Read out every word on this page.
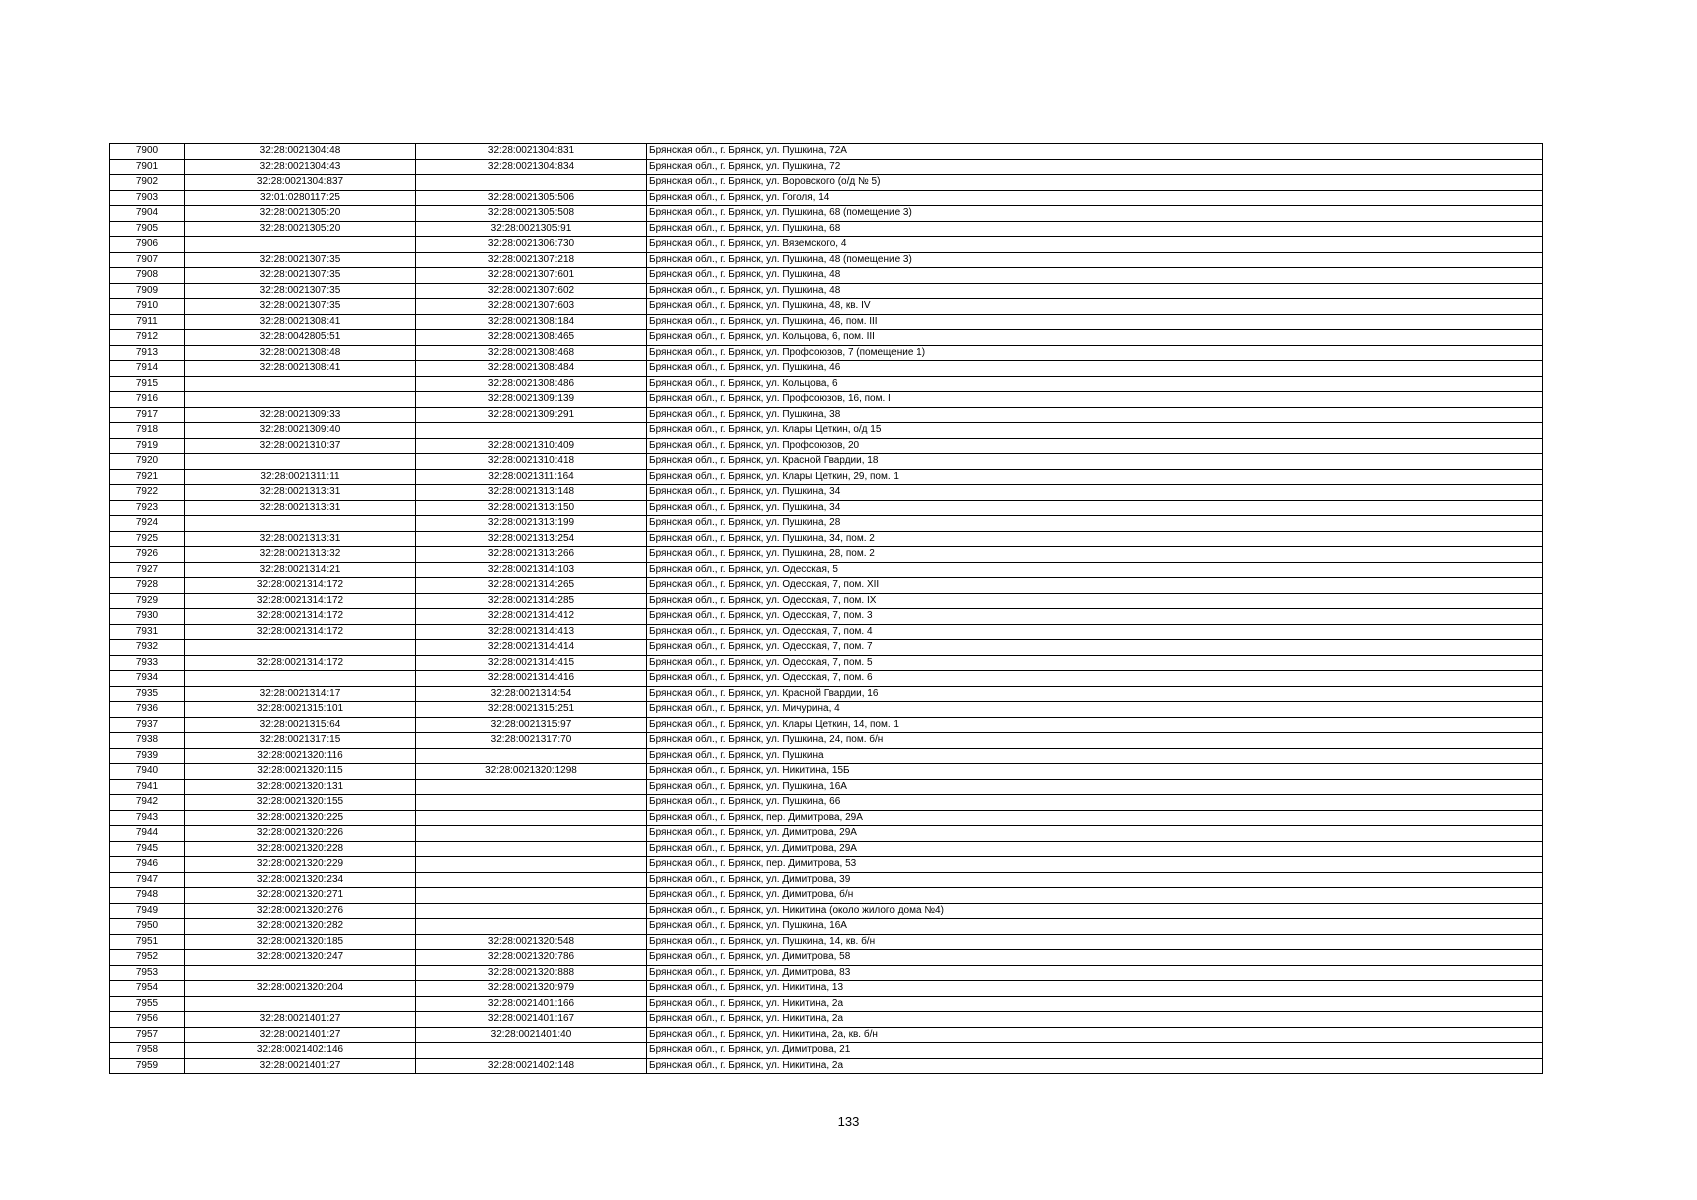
7900	32:28:0021304:48	32:28:0021304:831	Брянская обл., г. Брянск, ул. Пушкина, 72А
7901	32:28:0021304:43	32:28:0021304:834	Брянская обл., г. Брянск, ул. Пушкина, 72
7902	32:28:0021304:837		Брянская обл., г. Брянск, ул. Воровского (о/д № 5)
7903	32:01:0280117:25	32:28:0021305:506	Брянская обл., г. Брянск, ул. Гоголя, 14
7904	32:28:0021305:20	32:28:0021305:508	Брянская обл., г. Брянск, ул. Пушкина, 68 (помещение 3)
7905	32:28:0021305:20	32:28:0021305:91	Брянская обл., г. Брянск, ул. Пушкина, 68
7906		32:28:0021306:730	Брянская обл., г. Брянск, ул. Вяземского, 4
7907	32:28:0021307:35	32:28:0021307:218	Брянская обл., г. Брянск, ул. Пушкина, 48 (помещение 3)
7908	32:28:0021307:35	32:28:0021307:601	Брянская обл., г. Брянск, ул. Пушкина, 48
7909	32:28:0021307:35	32:28:0021307:602	Брянская обл., г. Брянск, ул. Пушкина, 48
7910	32:28:0021307:35	32:28:0021307:603	Брянская обл., г. Брянск, ул. Пушкина, 48, кв. IV
7911	32:28:0021308:41	32:28:0021308:184	Брянская обл., г. Брянск, ул. Пушкина, 46, пом. III
7912	32:28:0042805:51	32:28:0021308:465	Брянская обл., г. Брянск, ул. Кольцова, 6, пом. III
7913	32:28:0021308:48	32:28:0021308:468	Брянская обл., г. Брянск, ул. Профсоюзов, 7 (помещение 1)
7914	32:28:0021308:41	32:28:0021308:484	Брянская обл., г. Брянск, ул. Пушкина, 46
7915		32:28:0021308:486	Брянская обл., г. Брянск, ул. Кольцова, 6
7916		32:28:0021309:139	Брянская обл., г. Брянск, ул. Профсоюзов, 16, пом. I
7917	32:28:0021309:33	32:28:0021309:291	Брянская обл., г. Брянск, ул. Пушкина, 38
7918	32:28:0021309:40		Брянская обл., г. Брянск, ул. Клары Цеткин, о/д 15
7919	32:28:0021310:37	32:28:0021310:409	Брянская обл., г. Брянск, ул. Профсоюзов, 20
7920		32:28:0021310:418	Брянская обл., г. Брянск, ул. Красной Гвардии, 18
7921	32:28:0021311:11	32:28:0021311:164	Брянская обл., г. Брянск, ул. Клары Цеткин, 29, пом. 1
7922	32:28:0021313:31	32:28:0021313:148	Брянская обл., г. Брянск, ул. Пушкина, 34
7923	32:28:0021313:31	32:28:0021313:150	Брянская обл., г. Брянск, ул. Пушкина, 34
7924		32:28:0021313:199	Брянская обл., г. Брянск, ул. Пушкина, 28
7925	32:28:0021313:31	32:28:0021313:254	Брянская обл., г. Брянск, ул. Пушкина, 34, пом. 2
7926	32:28:0021313:32	32:28:0021313:266	Брянская обл., г. Брянск, ул. Пушкина, 28, пом. 2
7927	32:28:0021314:21	32:28:0021314:103	Брянская обл., г. Брянск, ул. Одесская, 5
7928	32:28:0021314:172	32:28:0021314:265	Брянская обл., г. Брянск, ул. Одесская, 7, пом. XII
7929	32:28:0021314:172	32:28:0021314:285	Брянская обл., г. Брянск, ул. Одесская, 7, пом. IX
7930	32:28:0021314:172	32:28:0021314:412	Брянская обл., г. Брянск, ул. Одесская, 7, пом. 3
7931	32:28:0021314:172	32:28:0021314:413	Брянская обл., г. Брянск, ул. Одесская, 7, пом. 4
7932		32:28:0021314:414	Брянская обл., г. Брянск, ул. Одесская, 7, пом. 7
7933	32:28:0021314:172	32:28:0021314:415	Брянская обл., г. Брянск, ул. Одесская, 7, пом. 5
7934		32:28:0021314:416	Брянская обл., г. Брянск, ул. Одесская, 7, пом. 6
7935	32:28:0021314:17	32:28:0021314:54	Брянская обл., г. Брянск, ул. Красной Гвардии, 16
7936	32:28:0021315:101	32:28:0021315:251	Брянская обл., г. Брянск, ул. Мичурина, 4
7937	32:28:0021315:64	32:28:0021315:97	Брянская обл., г. Брянск, ул. Клары Цеткин, 14, пом. 1
7938	32:28:0021317:15	32:28:0021317:70	Брянская обл., г. Брянск, ул. Пушкина, 24, пом. б/н
7939	32:28:0021320:116		Брянская обл., г. Брянск, ул. Пушкина
7940	32:28:0021320:115	32:28:0021320:1298	Брянская обл., г. Брянск, ул. Никитина, 15Б
7941	32:28:0021320:131		Брянская обл., г. Брянск, ул. Пушкина, 16А
7942	32:28:0021320:155		Брянская обл., г. Брянск, ул. Пушкина, 66
7943	32:28:0021320:225		Брянская обл., г. Брянск, пер. Димитрова, 29А
7944	32:28:0021320:226		Брянская обл., г. Брянск, ул. Димитрова, 29А
7945	32:28:0021320:228		Брянская обл., г. Брянск, ул. Димитрова, 29А
7946	32:28:0021320:229		Брянская обл., г. Брянск, пер. Димитрова, 53
7947	32:28:0021320:234		Брянская обл., г. Брянск, ул. Димитрова, 39
7948	32:28:0021320:271		Брянская обл., г. Брянск, ул. Димитрова, б/н
7949	32:28:0021320:276		Брянская обл., г. Брянск, ул. Никитина (около жилого дома №4)
7950	32:28:0021320:282		Брянская обл., г. Брянск, ул. Пушкина, 16А
7951	32:28:0021320:185	32:28:0021320:548	Брянская обл., г. Брянск, ул. Пушкина, 14, кв. б/н
7952	32:28:0021320:247	32:28:0021320:786	Брянская обл., г. Брянск, ул. Димитрова, 58
7953		32:28:0021320:888	Брянская обл., г. Брянск, ул. Димитрова, 83
7954	32:28:0021320:204	32:28:0021320:979	Брянская обл., г. Брянск, ул. Никитина, 13
7955		32:28:0021401:166	Брянская обл., г. Брянск, ул. Никитина, 2а
7956	32:28:0021401:27	32:28:0021401:167	Брянская обл., г. Брянск, ул. Никитина, 2а
7957	32:28:0021401:27	32:28:0021401:40	Брянская обл., г. Брянск, ул. Никитина, 2а, кв. б/н
7958	32:28:0021402:146		Брянская обл., г. Брянск, ул. Димитрова, 21
7959	32:28:0021401:27	32:28:0021402:148	Брянская обл., г. Брянск, ул. Никитина, 2а
133
